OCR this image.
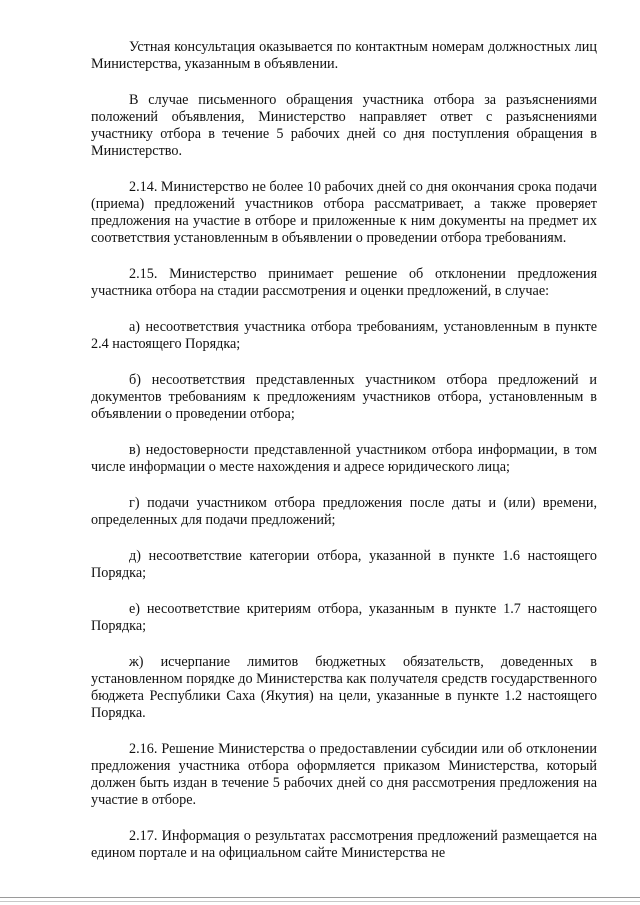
Устная консультация оказывается по контактным номерам должностных лиц Министерства, указанным в объявлении.

В случае письменного обращения участника отбора за разъяснениями положений объявления, Министерство направляет ответ с разъяснениями участнику отбора в течение 5 рабочих дней со дня поступления обращения в Министерство.

2.14. Министерство не более 10 рабочих дней со дня окончания срока подачи (приема) предложений участников отбора рассматривает, а также проверяет предложения на участие в отборе и приложенные к ним документы на предмет их соответствия установленным в объявлении о проведении отбора требованиям.

2.15. Министерство принимает решение об отклонении предложения участника отбора на стадии рассмотрения и оценки предложений, в случае:

а) несоответствия участника отбора требованиям, установленным в пункте 2.4 настоящего Порядка;

б) несоответствия представленных участником отбора предложений и документов требованиям к предложениям участников отбора, установленным в объявлении о проведении отбора;

в) недостоверности представленной участником отбора информации, в том числе информации о месте нахождения и адресе юридического лица;

г) подачи участником отбора предложения после даты и (или) времени, определенных для подачи предложений;

д) несоответствие категории отбора, указанной в пункте 1.6 настоящего Порядка;

е) несоответствие критериям отбора, указанным в пункте 1.7 настоящего Порядка;

ж) исчерпание лимитов бюджетных обязательств, доведенных в установленном порядке до Министерства как получателя средств государственного бюджета Республики Саха (Якутия) на цели, указанные в пункте 1.2 настоящего Порядка.

2.16. Решение Министерства о предоставлении субсидии или об отклонении предложения участника отбора оформляется приказом Министерства, который должен быть издан в течение 5 рабочих дней со дня рассмотрения предложения на участие в отборе.

2.17. Информация о результатах рассмотрения предложений размещается на едином портале и на официальном сайте Министерства не
